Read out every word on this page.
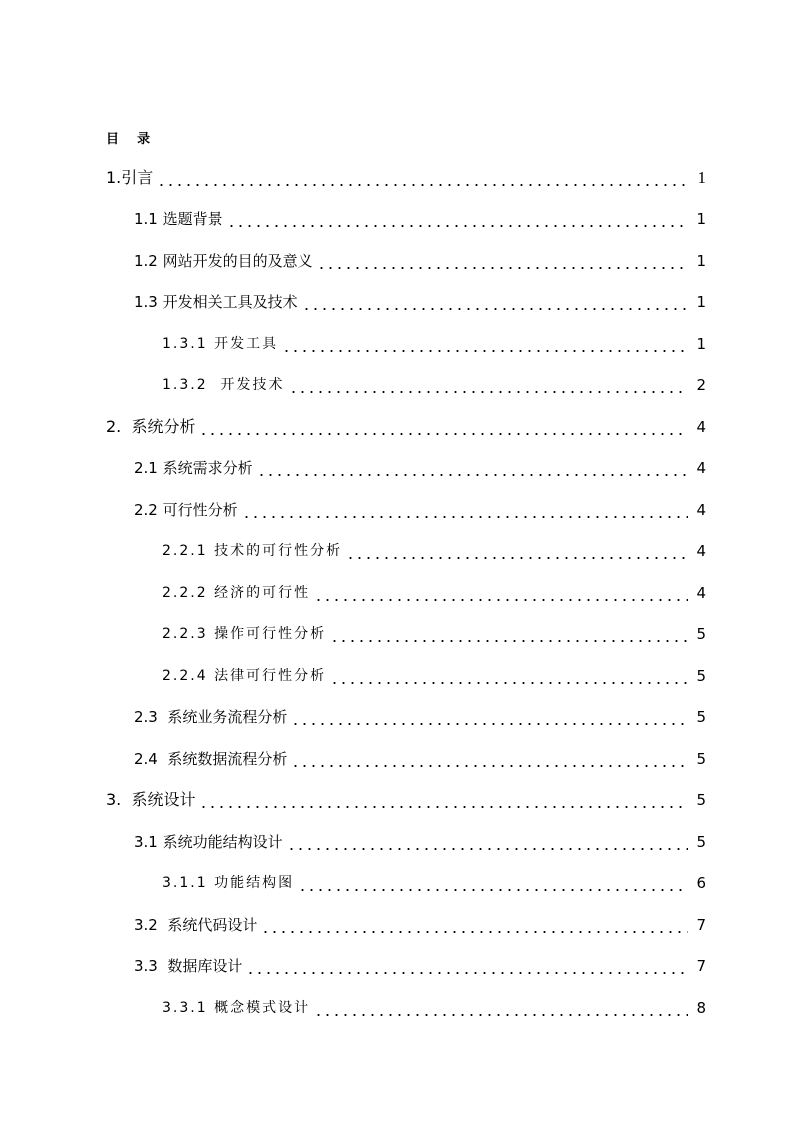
目    录
1.引言	1
1.1 选题背景	1
1.2 网站开发的目的及意义	1
1.3 开发相关工具及技术	1
1.3.1 开发工具	1
1.3.2  开发技术	2
2.  系统分析	4
2.1 系统需求分析	4
2.2 可行性分析	4
2.2.1 技术的可行性分析	4
2.2.2 经济的可行性	4
2.2.3 操作可行性分析	5
2.2.4 法律可行性分析	5
2.3  系统业务流程分析	5
2.4  系统数据流程分析	5
3.  系统设计	5
3.1 系统功能结构设计	5
3.1.1 功能结构图	6
3.2  系统代码设计	7
3.3  数据库设计	7
3.3.1 概念模式设计	8
